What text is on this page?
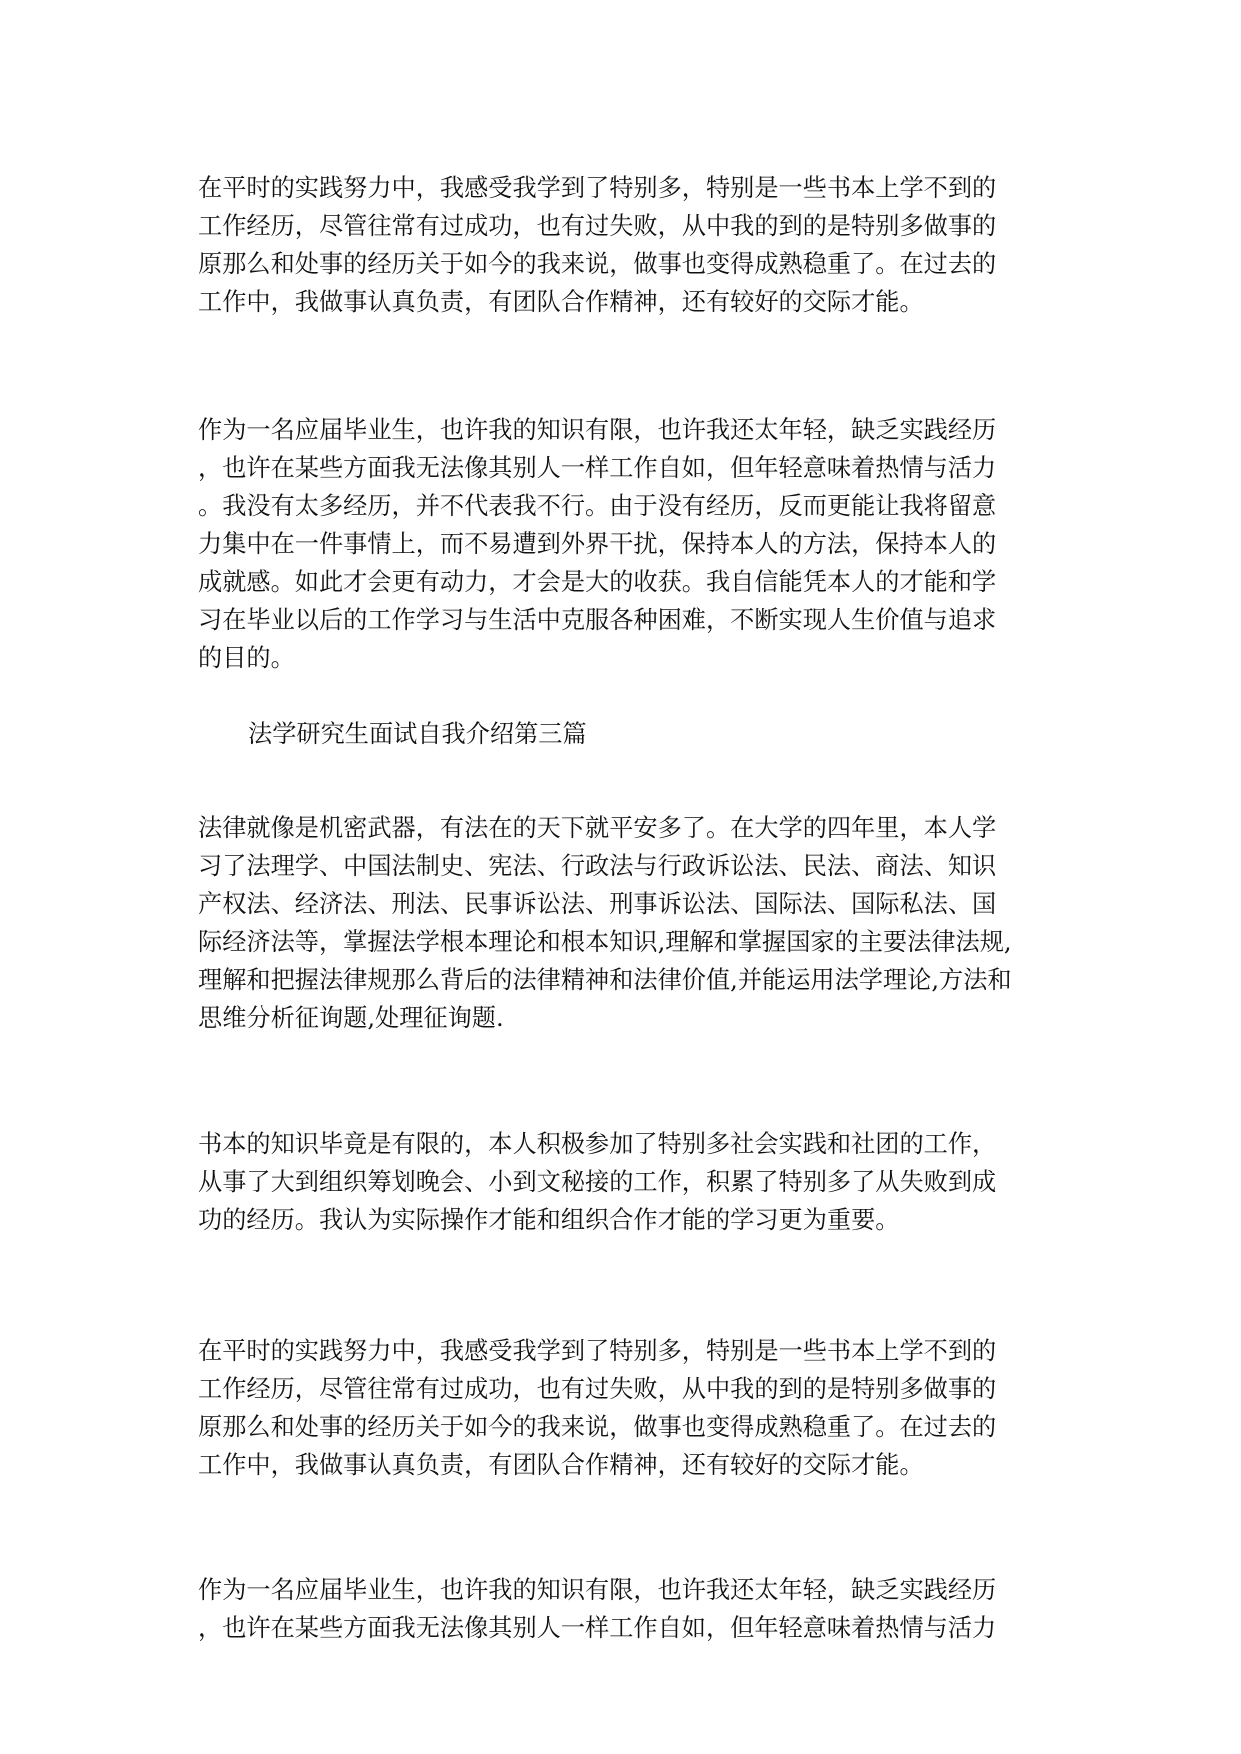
在平时的实践努力中，我感受我学到了特别多，特别是一些书本上学不到的
工作经历，尽管往常有过成功，也有过失败，从中我的到的是特别多做事的
原那么和处事的经历关于如今的我来说，做事也变得成熟稳重了。在过去的
工作中，我做事认真负责，有团队合作精神，还有较好的交际才能。
作为一名应届毕业生，也许我的知识有限，也许我还太年轻，缺乏实践经历
，也许在某些方面我无法像其别人一样工作自如，但年轻意味着热情与活力
。我没有太多经历，并不代表我不行。由于没有经历，反而更能让我将留意
力集中在一件事情上，而不易遭到外界干扰，保持本人的方法，保持本人的
成就感。如此才会更有动力，才会是大的收获。我自信能凭本人的才能和学
习在毕业以后的工作学习与生活中克服各种困难，不断实现人生价值与追求
的目的。
法学研究生面试自我介绍第三篇
法律就像是机密武器，有法在的天下就平安多了。在大学的四年里，本人学
习了法理学、中国法制史、宪法、行政法与行政诉讼法、民法、商法、知识
产权法、经济法、刑法、民事诉讼法、刑事诉讼法、国际法、国际私法、国
际经济法等，掌握法学根本理论和根本知识,理解和掌握国家的主要法律法规,
理解和把握法律规那么背后的法律精神和法律价值,并能运用法学理论,方法和
思维分析征询题,处理征询题.
书本的知识毕竟是有限的，本人积极参加了特别多社会实践和社团的工作，
从事了大到组织筹划晚会、小到文秘接的工作，积累了特别多了从失败到成
功的经历。我认为实际操作才能和组织合作才能的学习更为重要。
在平时的实践努力中，我感受我学到了特别多，特别是一些书本上学不到的
工作经历，尽管往常有过成功，也有过失败，从中我的到的是特别多做事的
原那么和处事的经历关于如今的我来说，做事也变得成熟稳重了。在过去的
工作中，我做事认真负责，有团队合作精神，还有较好的交际才能。
作为一名应届毕业生，也许我的知识有限，也许我还太年轻，缺乏实践经历
，也许在某些方面我无法像其别人一样工作自如，但年轻意味着热情与活力
